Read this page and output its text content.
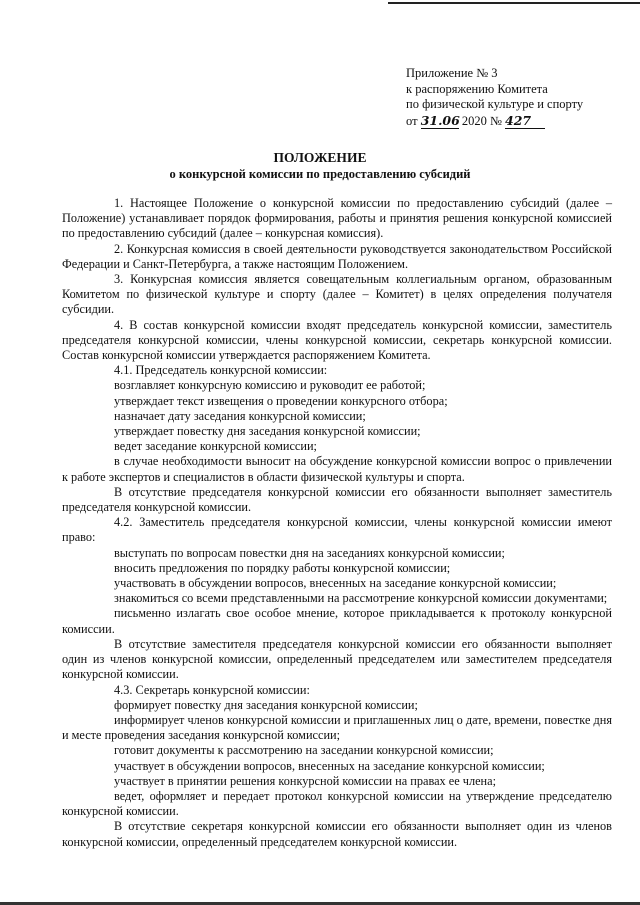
Приложение № 3
к распоряжению Комитета
по физической культуре и спорту
от 31.06 2020 № 427
ПОЛОЖЕНИЕ
о конкурсной комиссии по предоставлению субсидий

1. Настоящее Положение о конкурсной комиссии по предоставлению субсидий (далее – Положение) устанавливает порядок формирования, работы и принятия решения конкурсной комиссией по предоставлению субсидий (далее – конкурсная комиссия).

2. Конкурсная комиссия в своей деятельности руководствуется законодательством Российской Федерации и Санкт-Петербурга, а также настоящим Положением.

3. Конкурсная комиссия является совещательным коллегиальным органом, образованным Комитетом по физической культуре и спорту (далее – Комитет) в целях определения получателя субсидии.

4. В состав конкурсной комиссии входят председатель конкурсной комиссии, заместитель председателя конкурсной комиссии, члены конкурсной комиссии, секретарь конкурсной комиссии. Состав конкурсной комиссии утверждается распоряжением Комитета.

4.1. Председатель конкурсной комиссии:

возглавляет конкурсную комиссию и руководит ее работой;

утверждает текст извещения о проведении конкурсного отбора;

назначает дату заседания конкурсной комиссии;

утверждает повестку дня заседания конкурсной комиссии;

ведет заседание конкурсной комиссии;

в случае необходимости выносит на обсуждение конкурсной комиссии вопрос о привлечении к работе экспертов и специалистов в области физической культуры и спорта.

В отсутствие председателя конкурсной комиссии его обязанности выполняет заместитель председателя конкурсной комиссии.

4.2. Заместитель председателя конкурсной комиссии, члены конкурсной комиссии имеют право:

выступать по вопросам повестки дня на заседаниях конкурсной комиссии;

вносить предложения по порядку работы конкурсной комиссии;

участвовать в обсуждении вопросов, внесенных на заседание конкурсной комиссии;

знакомиться со всеми представленными на рассмотрение конкурсной комиссии документами;

письменно излагать свое особое мнение, которое прикладывается к протоколу конкурсной комиссии.

В отсутствие заместителя председателя конкурсной комиссии его обязанности выполняет один из членов конкурсной комиссии, определенный председателем или заместителем председателя конкурсной комиссии.

4.3. Секретарь конкурсной комиссии:

формирует повестку дня заседания конкурсной комиссии;

информирует членов конкурсной комиссии и приглашенных лиц о дате, времени, повестке дня и месте проведения заседания конкурсной комиссии;

готовит документы к рассмотрению на заседании конкурсной комиссии;

участвует в обсуждении вопросов, внесенных на заседание конкурсной комиссии;

участвует в принятии решения конкурсной комиссии на правах ее члена;

ведет, оформляет и передает протокол конкурсной комиссии на утверждение председателю конкурсной комиссии.

В отсутствие секретаря конкурсной комиссии его обязанности выполняет один из членов конкурсной комиссии, определенный председателем конкурсной комиссии.
